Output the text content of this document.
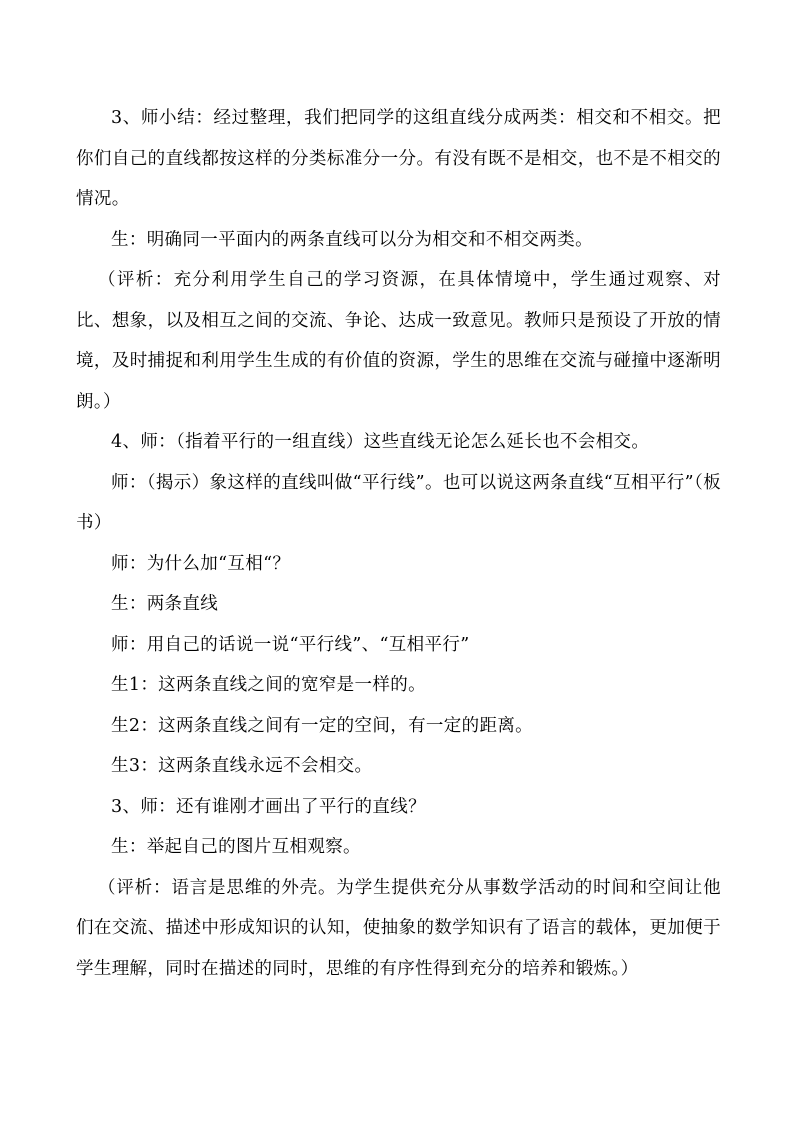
3、师小结：经过整理，我们把同学的这组直线分成两类：相交和不相交。把你们自己的直线都按这样的分类标准分一分。有没有既不是相交，也不是不相交的情况。

生：明确同一平面内的两条直线可以分为相交和不相交两类。

（评析：充分利用学生自己的学习资源，在具体情境中，学生通过观察、对比、想象，以及相互之间的交流、争论、达成一致意见。教师只是预设了开放的情境，及时捕捉和利用学生生成的有价值的资源，学生的思维在交流与碰撞中逐渐明朗。）

4、师：（指着平行的一组直线）这些直线无论怎么延长也不会相交。

师：（揭示）象这样的直线叫做“平行线”。也可以说这两条直线“互相平行”（板书）

师：为什么加“互相“？

生：两条直线

师：用自己的话说一说“平行线”、“互相平行”

生1：这两条直线之间的宽窄是一样的。

生2：这两条直线之间有一定的空间，有一定的距离。

生3：这两条直线永远不会相交。

3、师：还有谁刚才画出了平行的直线？

生：举起自己的图片互相观察。

（评析：语言是思维的外壳。为学生提供充分从事数学活动的时间和空间让他们在交流、描述中形成知识的认知，使抽象的数学知识有了语言的载体，更加便于学生理解，同时在描述的同时，思维的有序性得到充分的培养和锻炼。）
